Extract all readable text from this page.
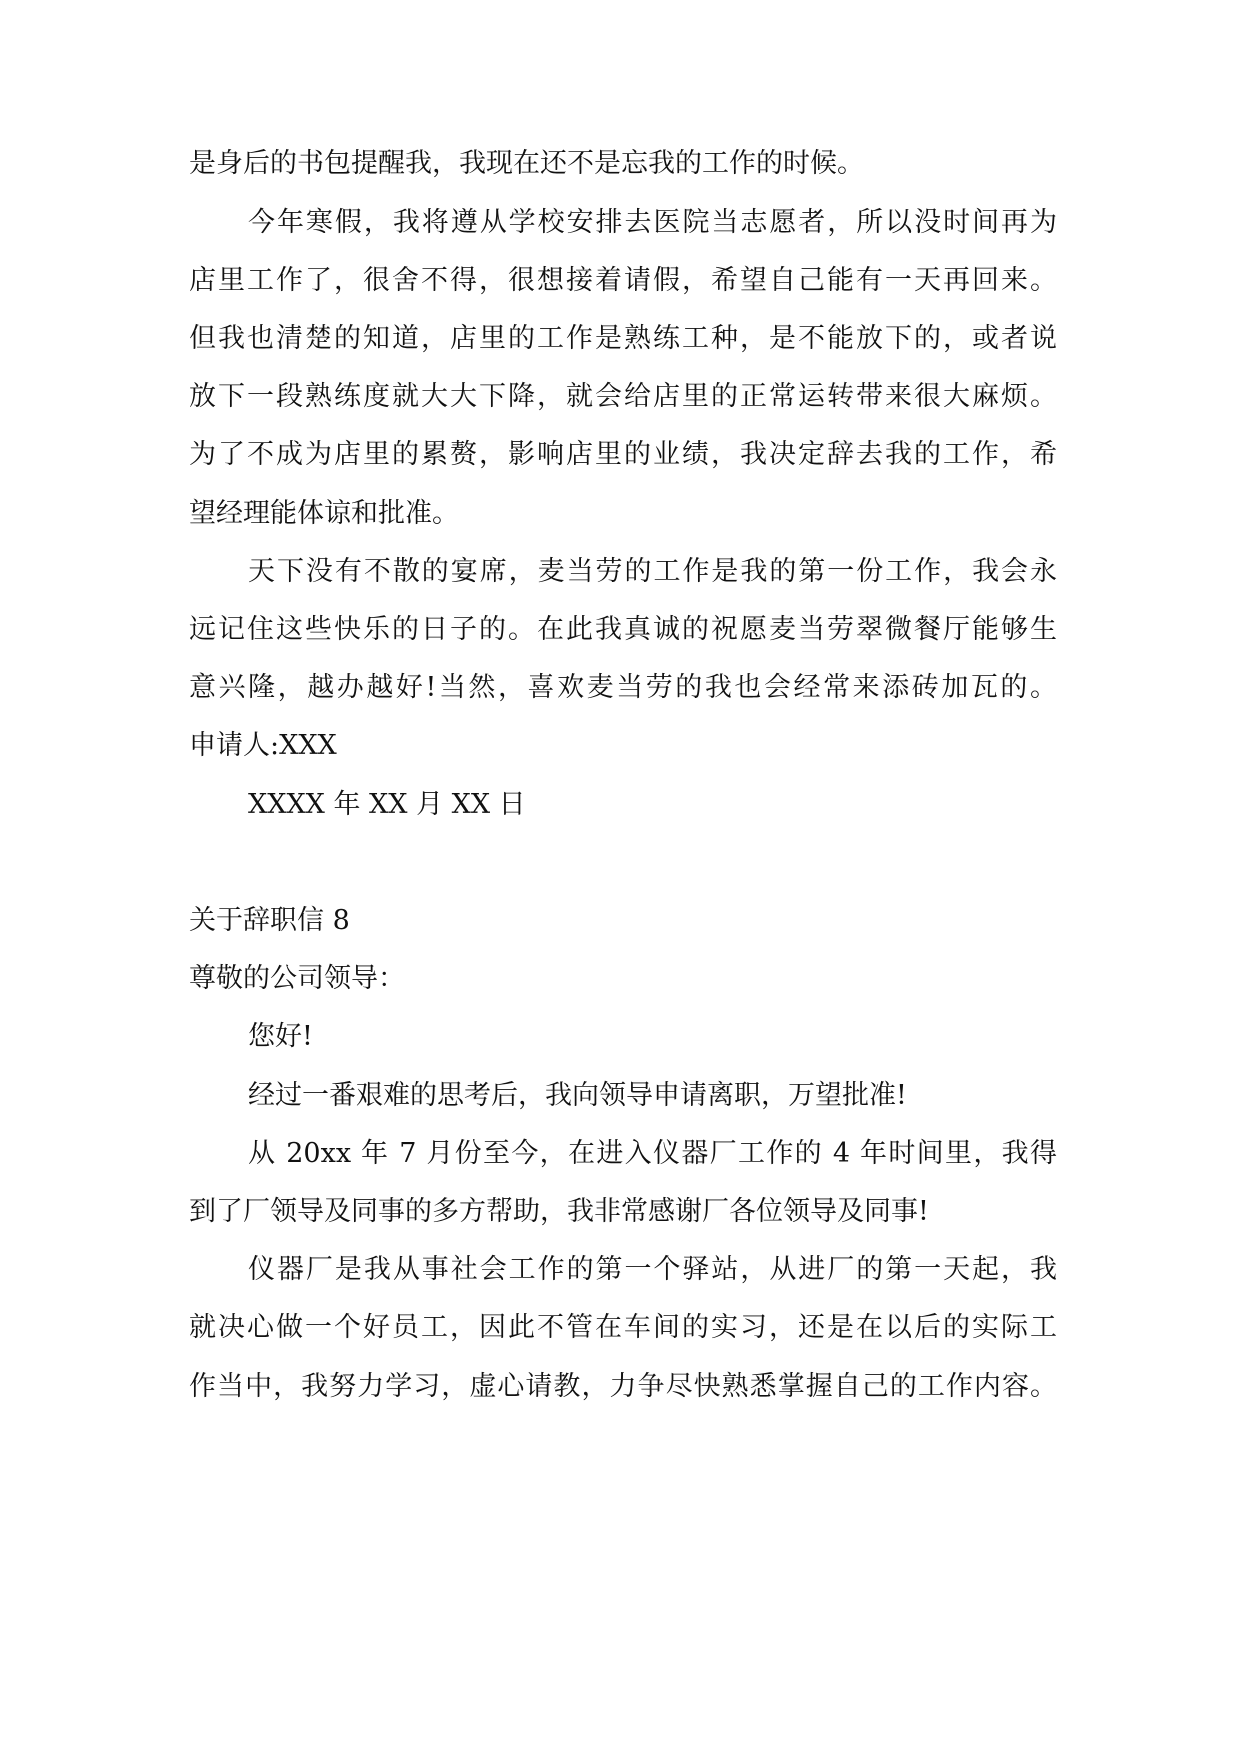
是身后的书包提醒我，我现在还不是忘我的工作的时候。
今年寒假，我将遵从学校安排去医院当志愿者，所以没时间再为
店里工作了，很舍不得，很想接着请假，希望自己能有一天再回来。
但我也清楚的知道，店里的工作是熟练工种，是不能放下的，或者说
放下一段熟练度就大大下降，就会给店里的正常运转带来很大麻烦。
为了不成为店里的累赘，影响店里的业绩，我决定辞去我的工作，希
望经理能体谅和批准。
天下没有不散的宴席，麦当劳的工作是我的第一份工作，我会永
远记住这些快乐的日子的。在此我真诚的祝愿麦当劳翠微餐厅能够生
意兴隆，越办越好!当然，喜欢麦当劳的我也会经常来添砖加瓦的。
申请人:XXX
XXXX 年 XX 月 XX 日
关于辞职信 8
尊敬的公司领导：
您好!
经过一番艰难的思考后，我向领导申请离职，万望批准!
从 20xx 年 7 月份至今，在进入仪器厂工作的 4 年时间里，我得
到了厂领导及同事的多方帮助，我非常感谢厂各位领导及同事!
仪器厂是我从事社会工作的第一个驿站，从进厂的第一天起，我
就决心做一个好员工，因此不管在车间的实习，还是在以后的实际工
作当中，我努力学习，虚心请教，力争尽快熟悉掌握自己的工作内容。
